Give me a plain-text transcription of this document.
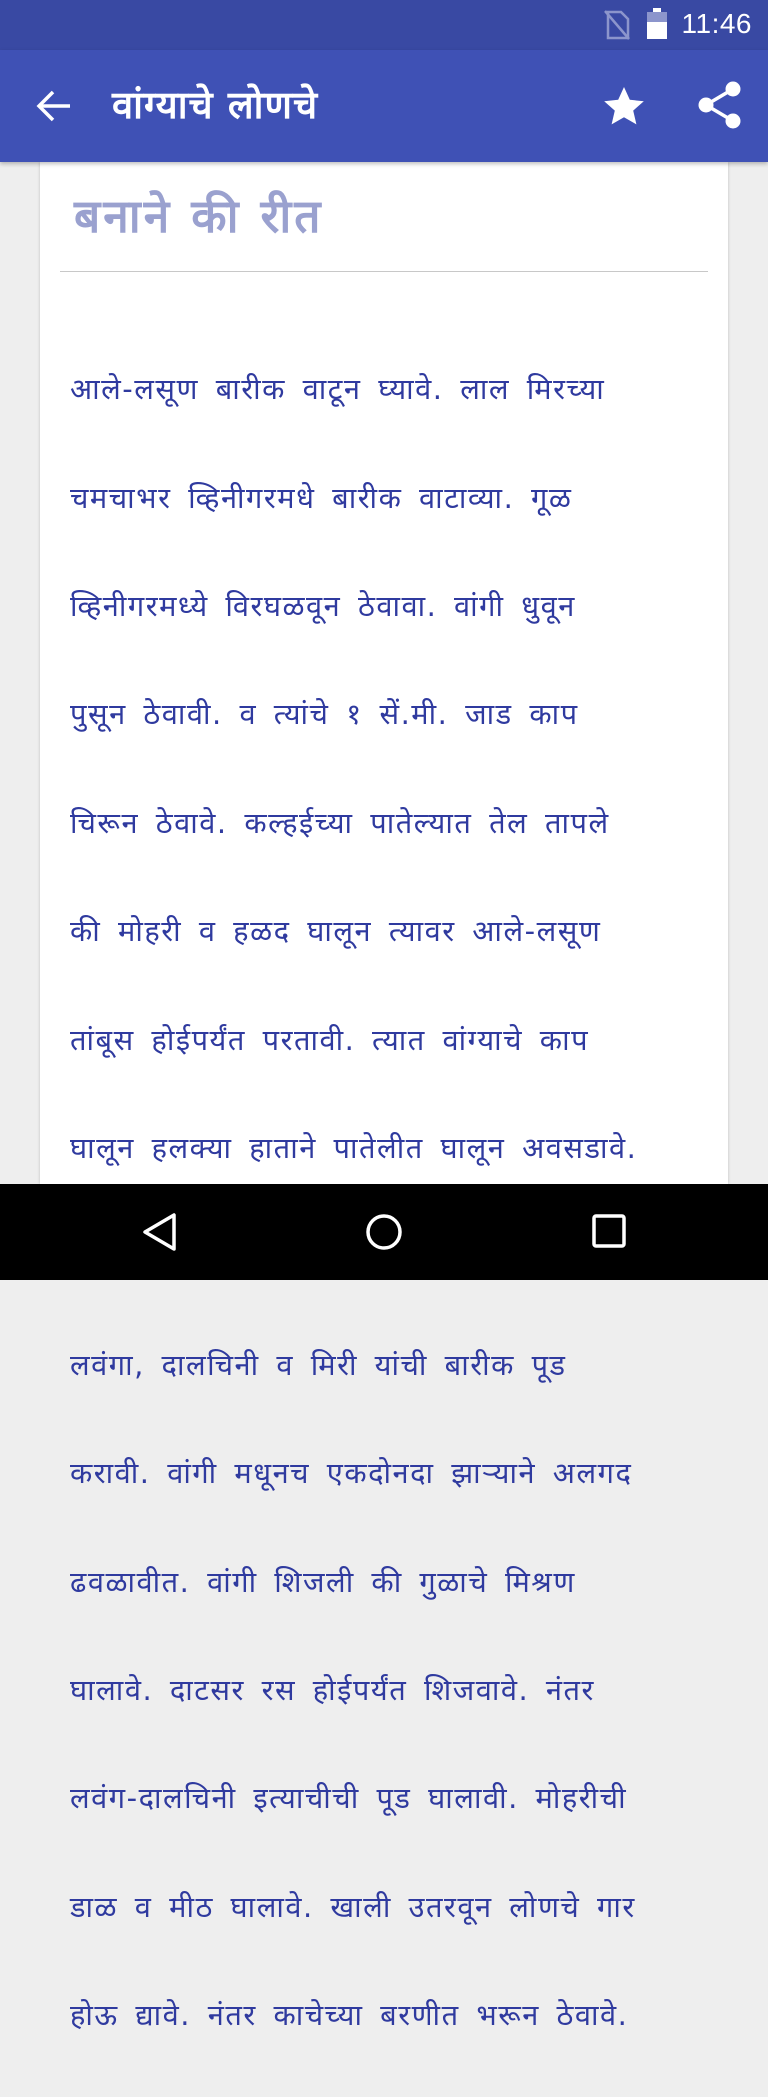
11:46
वांग्याचे लोणचे
बनाने की रीत

आले-लसूण बारीक वाटून घ्यावे. लाल मिरच्या

चमचाभर व्हिनीगरमधे बारीक वाटाव्या. गूळ

व्हिनीगरमध्ये विरघळवून ठेवावा. वांगी धुवून

पुसून ठेवावी. व त्यांचे १ सें.मी. जाड काप

चिरून ठेवावे. कल्हईच्या पातेल्यात तेल तापले

की मोहरी व हळद घालून त्यावर आले-लसूण

तांबूस होईपर्यंत परतावी. त्यात वांग्याचे काप

घालून हलक्या हाताने पातेलीत घालून अवसडावे.

लवंगा, दालचिनी व मिरी यांची बारीक पूड

करावी. वांगी मधूनच एकदोनदा झाऱ्याने अलगद

ढवळावीत. वांगी शिजली की गुळाचे मिश्रण

घालावे. दाटसर रस होईपर्यंत शिजवावे. नंतर

लवंग-दालचिनी इत्याचीची पूड घालावी. मोहरीची

डाळ व मीठ घालावे. खाली उतरवून लोणचे गार

होऊ द्यावे. नंतर काचेच्या बरणीत भरून ठेवावे.
